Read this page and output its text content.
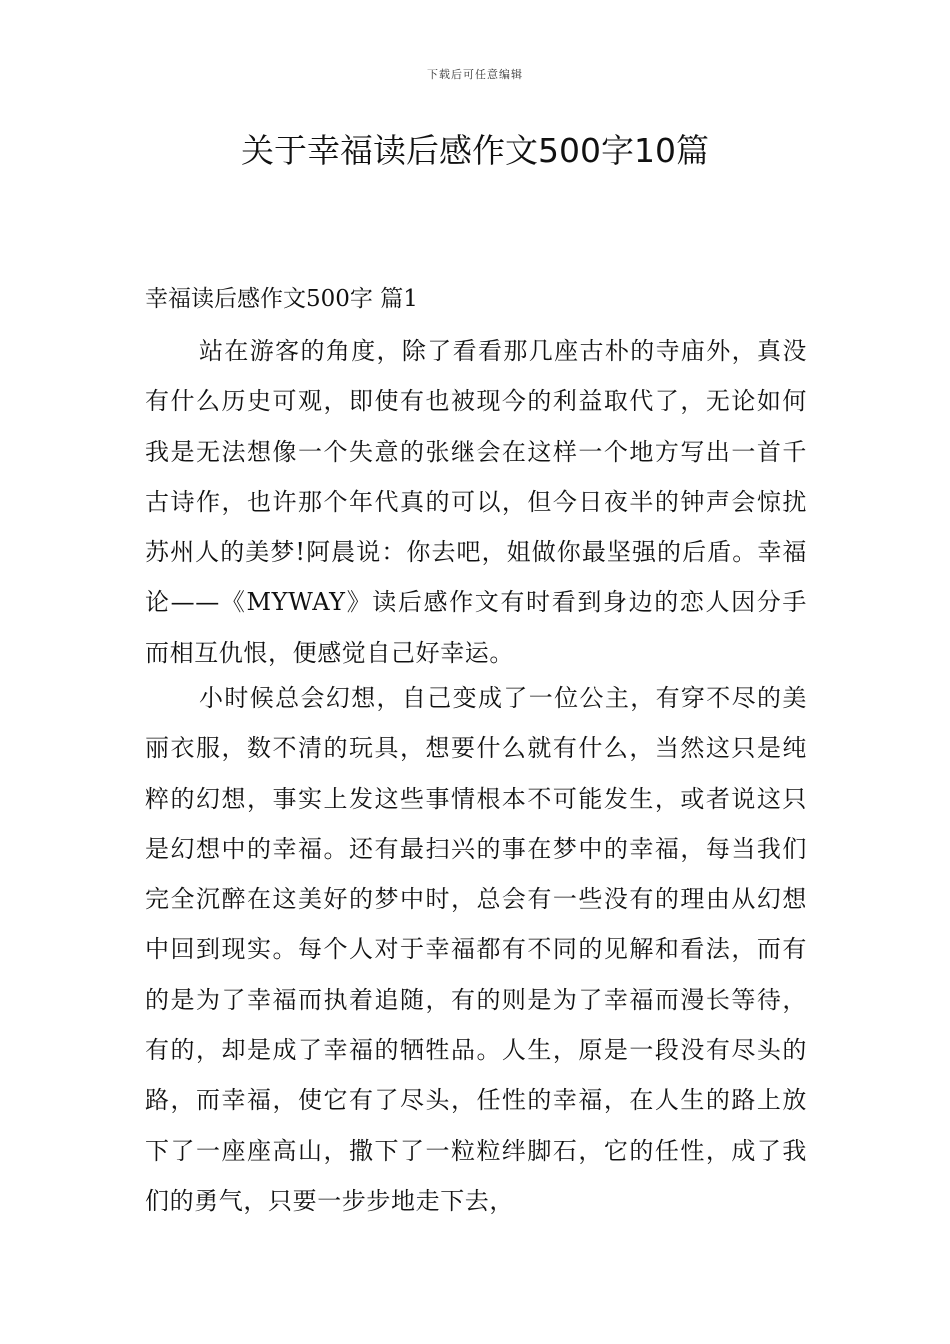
下载后可任意编辑
关于幸福读后感作文500字10篇
幸福读后感作文500字 篇1

站在游客的角度，除了看看那几座古朴的寺庙外，真没有什么历史可观，即使有也被现今的利益取代了，无论如何我是无法想像一个失意的张继会在这样一个地方写出一首千古诗作，也许那个年代真的可以，但今日夜半的钟声会惊扰苏州人的美梦!阿晨说：你去吧，姐做你最坚强的后盾。幸福论——《MYWAY》读后感作文有时看到身边的恋人因分手而相互仇恨，便感觉自己好幸运。

小时候总会幻想，自己变成了一位公主，有穿不尽的美丽衣服，数不清的玩具，想要什么就有什么，当然这只是纯粹的幻想，事实上发这些事情根本不可能发生，或者说这只是幻想中的幸福。还有最扫兴的事在梦中的幸福，每当我们完全沉醉在这美好的梦中时，总会有一些没有的理由从幻想中回到现实。每个人对于幸福都有不同的见解和看法，而有的是为了幸福而执着追随，有的则是为了幸福而漫长等待，有的，却是成了幸福的牺牲品。人生，原是一段没有尽头的路，而幸福，使它有了尽头，任性的幸福，在人生的路上放下了一座座高山，撒下了一粒粒绊脚石，它的任性，成了我们的勇气，只要一步步地走下去，
